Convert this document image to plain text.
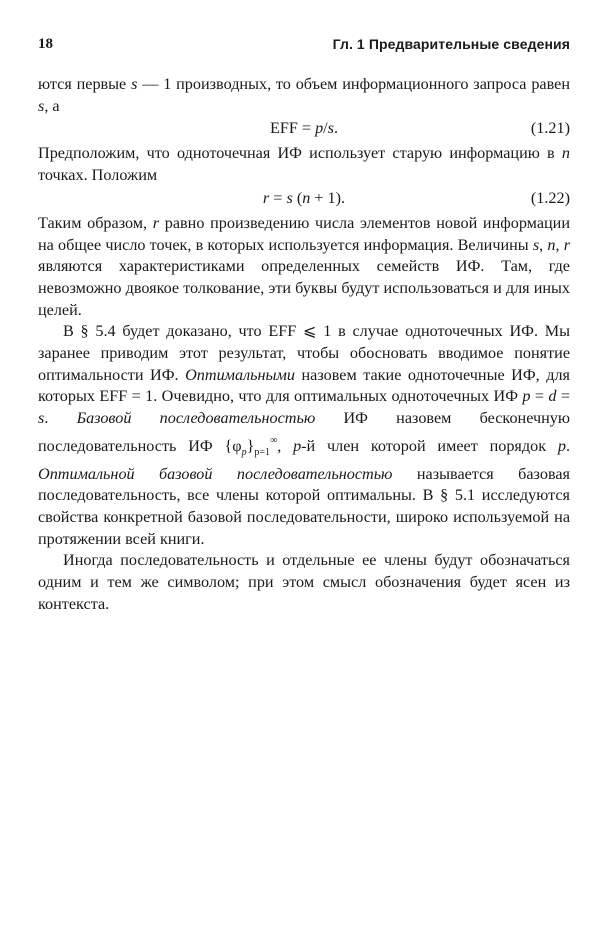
18	Гл. 1 Предварительные сведения

ются первые s — 1 производных, то объем информационного запроса равен s, а

EFF = p/s.	(1.21)

Предположим, что одноточечная ИФ использует старую информацию в n точках. Положим

r = s (n + 1).	(1.22)

Таким образом, r равно произведению числа элементов новой информации на общее число точек, в которых используется информация. Величины s, n, r являются характеристиками определенных семейств ИФ. Там, где невозможно двоякое толкование, эти буквы будут использоваться и для иных целей.

В § 5.4 будет доказано, что EFF ⩽ 1 в случае одноточечных ИФ. Мы заранее приводим этот результат, чтобы обосновать вводимое понятие оптимальности ИФ. Оптимальными назовем такие одноточечные ИФ, для которых EFF = 1. Очевидно, что для оптимальных одноточечных ИФ p = d = s. Базовой последовательностью ИФ назовем бесконечную последовательность ИФ $\{\varphi_p\}_{p=1}^\infty$, p-й член которой имеет порядок p. Оптимальной базовой последовательностью называется базовая последовательность, все члены которой оптимальны. В § 5.1 исследуются свойства конкретной базовой последовательности, широко используемой на протяжении всей книги.

Иногда последовательность и отдельные ее члены будут обозначаться одним и тем же символом; при этом смысл обозначения будет ясен из контекста.
